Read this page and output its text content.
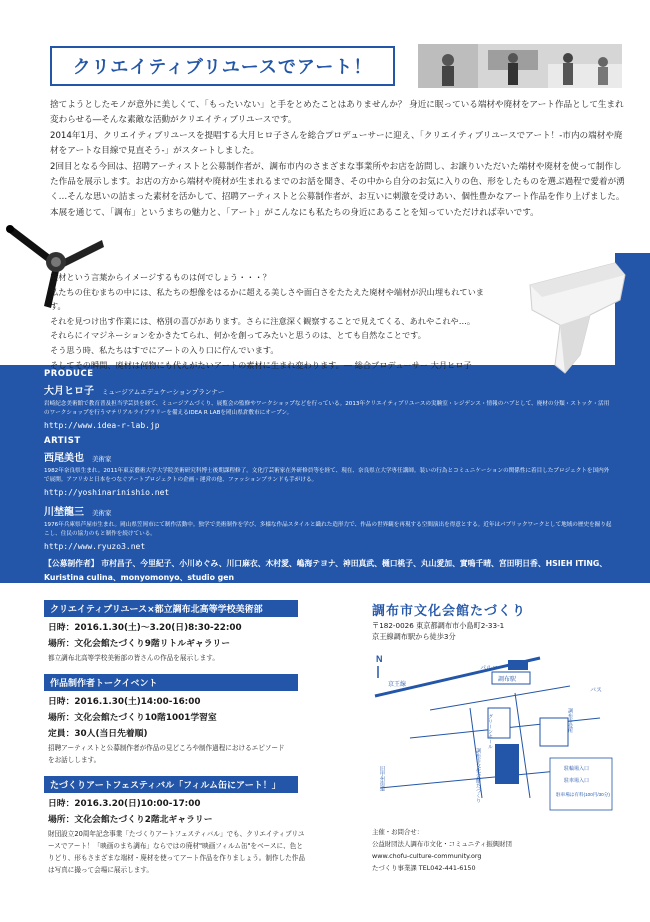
クリエイティブリユースでアート！

捨てようとしたモノが意外に美しくて、「もったいない」と手をとめたことはありませんか？ 身近に眠っている端材や廃材をアート作品として生まれ変わらせる―そんな素敵な活動がクリエイティブリユースです。

2014年1月、クリエイティブリユースを提唱する大月ヒロ子さんを総合プロデューサーに迎え、「クリエイティブリユースでアート！-市内の端材や廃材をアートな目線で見直そう-」がスタートしました。

2回目となる今回は、招聘アーティストと公募制作者が、調布市内のさまざまな事業所やお店を訪問し、お譲りいただいた端材や廃材を使って制作した作品を展示します。お店の方から端材や廃材が生まれるまでのお話を聞き、その中から自分のお気に入りの色、形をしたものを選ぶ過程で愛着が湧く…そんな思いの詰まった素材を活かして、招聘アーティストと公募制作者が、お互いに刺激を受けあい、個性豊かなアート作品を作り上げました。

本展を通じて、「調布」というまちの魅力と、「アート」がこんなにも私たちの身近にあることを知っていただければ幸いです。

廃材という言葉からイメージするものは何でしょう・・・？

私たちの住むまちの中には、私たちの想像をはるかに超える美しさや面白さをたたえた廃材や端材が沢山埋もれています。

それを見つけ出す作業には、格別の喜びがあります。さらに注意深く観察することで見えてくる、あれやこれや…。

それらにイマジネーションをかきたてられ、何かを創ってみたいと思うのは、とても自然なことです。

そう思う時、私たちはすでにアートの入り口に佇んでいます。

そしてその瞬間、廃材は何物にも代えがたいアートの素材に生まれ変わります。― 総合プロデューサー 大月ヒロ子

PRODUCE
大月ヒロ子 ミュージアムエデュケーションプランナー
岩崎紀念美術館で教育普及担当学芸員を経て、ミュージアムづくり、展覧会の監修やワークショップなどを行っている。2013年クリエイティブリユースの実験室・レジデンス・情報のハブとして、廃材の分類・ストック・活用のワークショップを行うマテリアルライブラリーを備えるIDEA R LABを岡山県倉敷市にオープン。
http://www.idea-r-lab.jp
ARTIST
西尾美也 美術家
1982年奈良県生まれ。2011年東京藝術大学大学院美術研究科博士後期課程修了。文化庁芸術家在外研修員等を経て、現在、奈良県立大学専任講師。装いの行為とコミュニケーションの関係性に着目したプロジェクトを国内外で展開。アフリカと日本をつなぐアートプロジェクトの企画・運営の他、ファッションブランドも手がける。
http://yoshinarinishio.net
川埜龍三 美術家
1976年兵庫県芦屋市生まれ。岡山県笠岡市にて制作活動中。独学で美術制作を学び、多様な作品スタイルと織れた造形力で、作品の世界観を再現する空間演出を得意とする。近年はパブリックワークとして地域の歴史を掘り起こし、住民の協力のもと制作を続けている。
http://www.ryuzo3.net
【公募制作者】 市村昌子、今里紀子、小川めぐみ、川口麻衣、木村愛、嶋海テヨナ、神田真武、樋口桃子、丸山愛加、實鳴千晴、宮田明日香、HSIEH ITING、Kuristina culina、monyomonyo、studio gen
クリエイティブリユース×都立調布北高等学校美術部
日時：2016.1.30(土)～3.20(日)8:30-22:00
場所：文化会館たづくり9階リトルギャラリー
都立調布北高等学校美術部の皆さんの作品を展示します。
作品制作者トークイベント
日時：2016.1.30(土)14:00-16:00
場所：文化会館たづくり10階1001学習室
定員：30人(当日先着順)
招聘アーティストと公募制作者が作品の見どころや制作過程におけるエピソードをお話しします。
たづくりアートフェスティバル「フィルム缶にアート！」
日時：2016.3.20(日)10:00-17:00
場所：文化会館たづくり2階北ギャラリー
財団設立20周年記念事業「たづくりアートフェスティバル」でも、クリエイティブリユースでアート！「映画のまち調布」ならではの廃材"映画フィルム缶"をベースに、色とりどり、形もさまざまな端材・廃材を使ってアート作品を作りましょう。制作した作品は写真に撮って会場に展示します。
調布市文化会館たづくり
〒182-0026 東京都調布市小島町2-33-1
京王線調布駅から徒歩3分
N
京王線
調布駅
パルコ
グリーンホール
調布市文化会館たづくり
調布市役所
バス
旧甲州街道	駐輪場入口
駐車場入口
駐車場は有料(100円/30分)
主催・お問合せ：
公益財団法人調布市文化・コミュニティ振興財団
www.chofu-culture-community.org
たづくり事業課 TEL042-441-6150
